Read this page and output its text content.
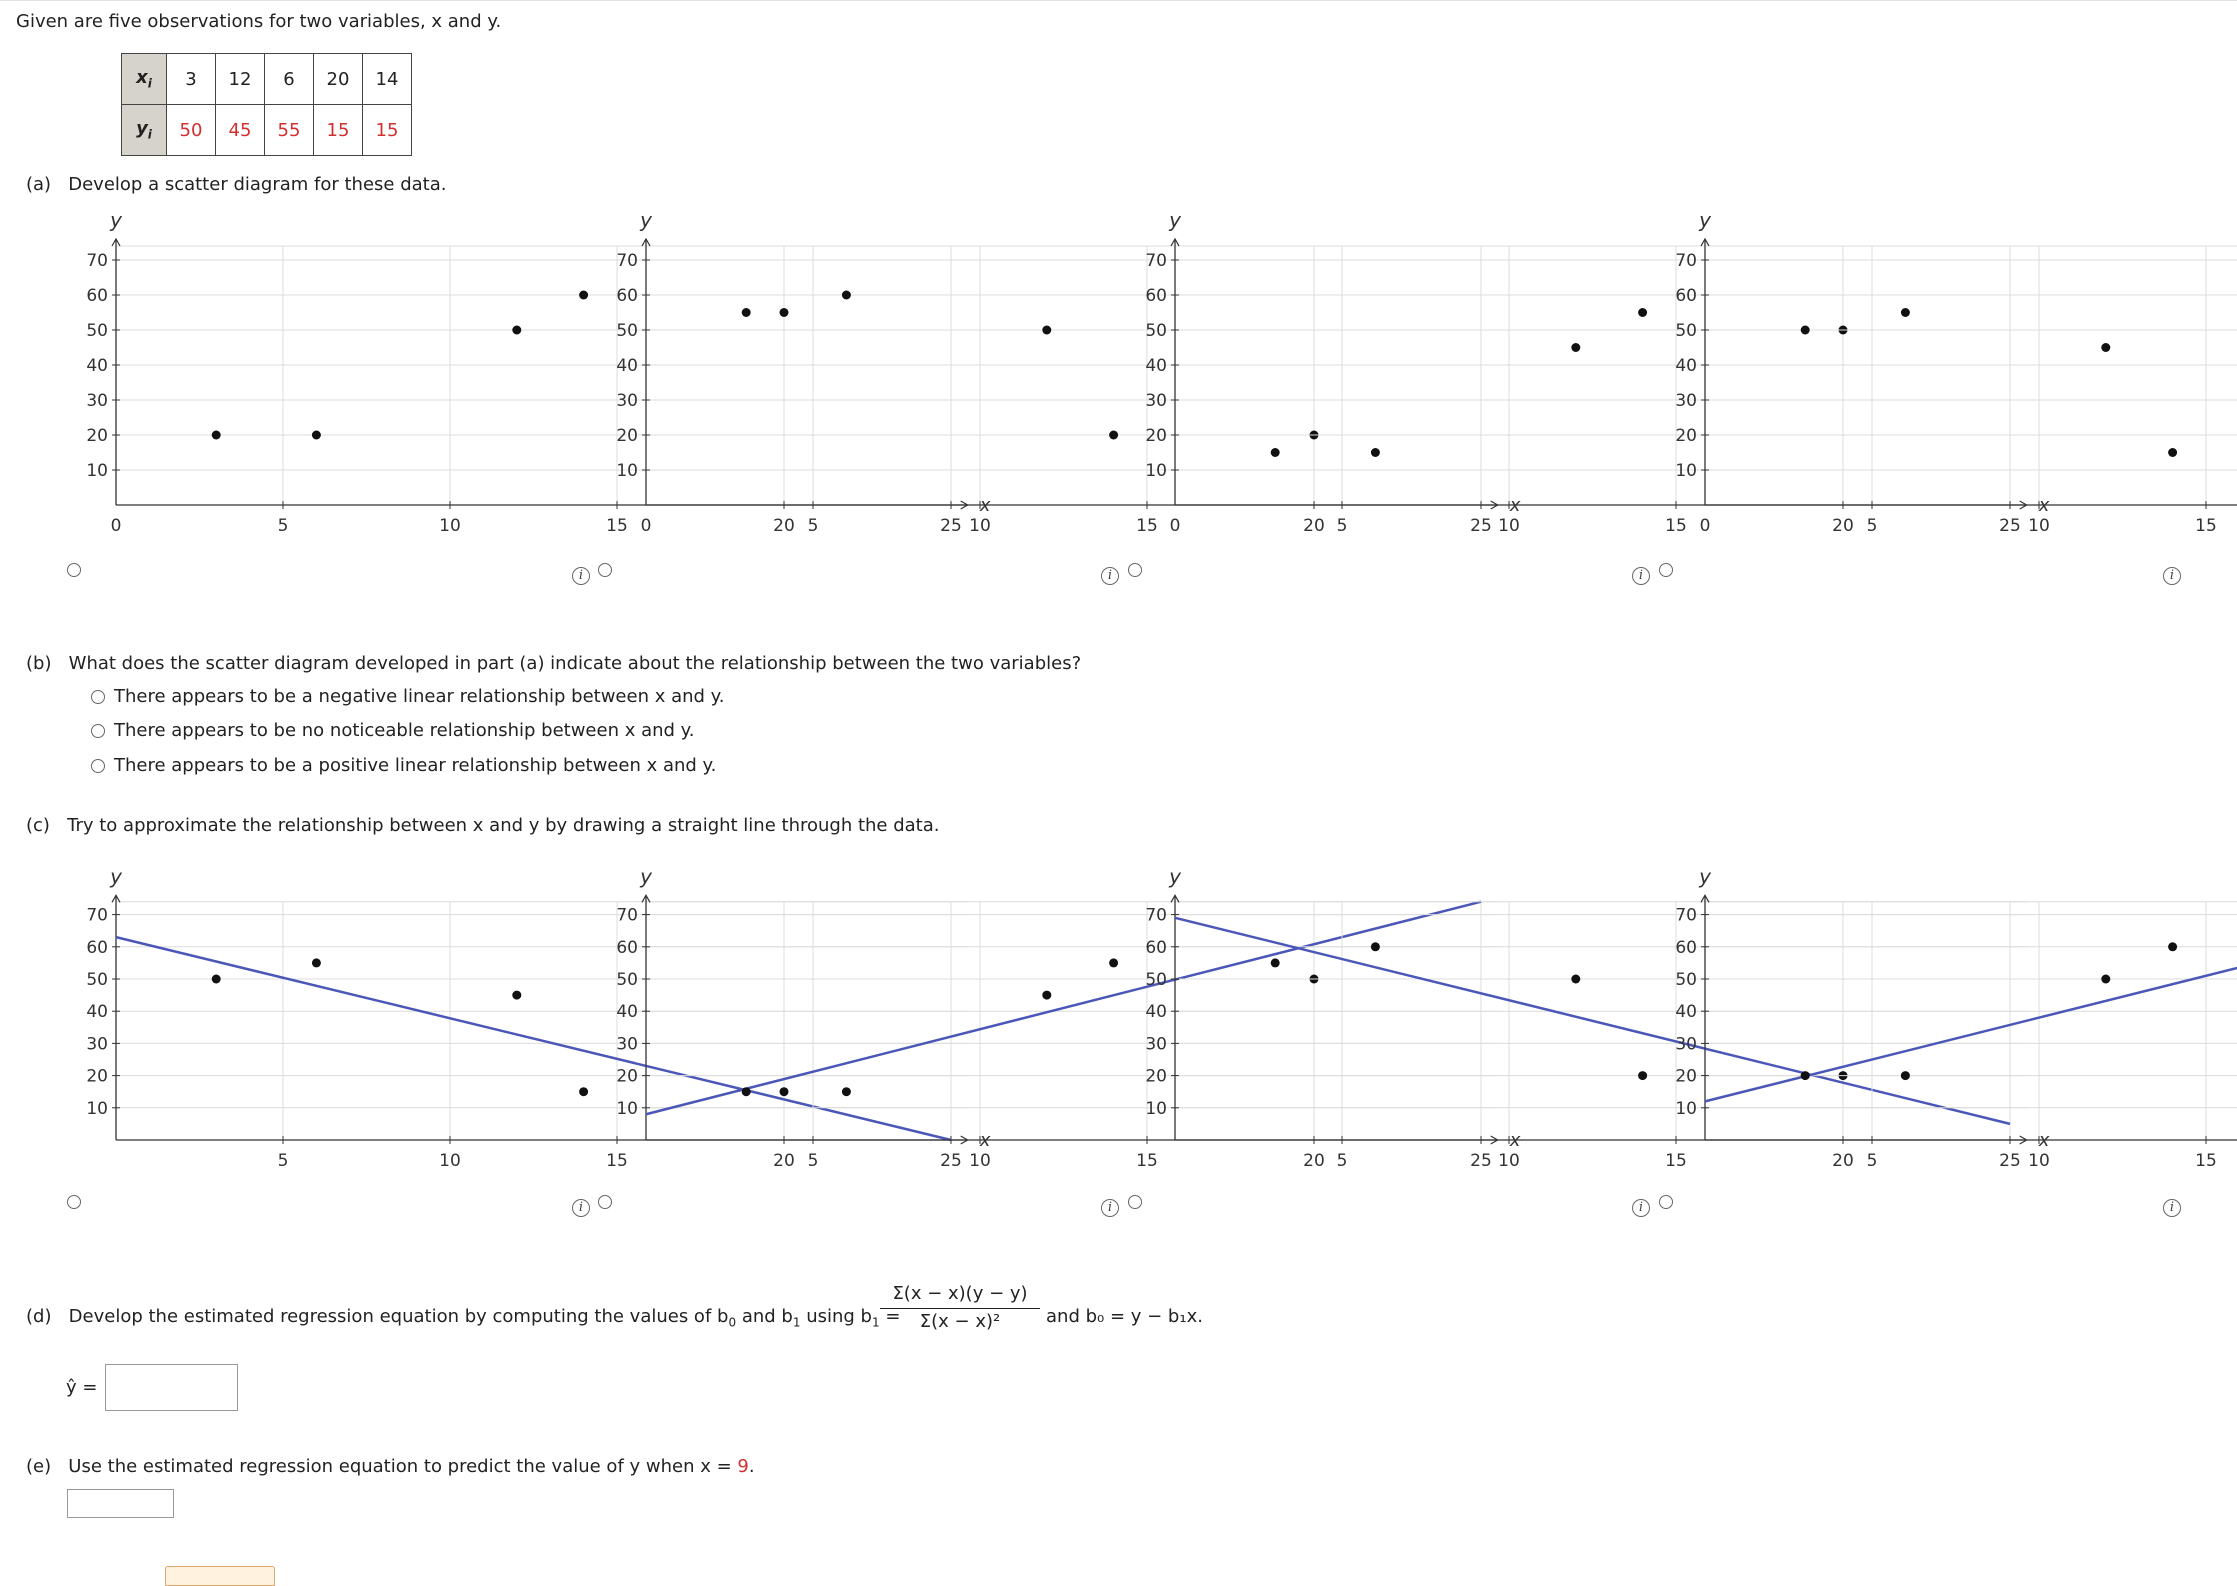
Given are five observations for two variables, x and y.
$x_i$	3	12	6	20	14
$y_i$	50	45	55	15	15
(a) Develop a scatter diagram for these data.
0	5	10	15	20	25
10
20
30
40
50
60
70
x
y
0	5	10	15	20	25
10
20
30
40
50
60
70
x
y
0	5	10	15	20	25
10
20
30
40
50
60
70
x
y
0	5	10	15
10
20
30
40
50
60
70
y
i	i	i	i
(b) What does the scatter diagram developed in part (a) indicate about the relationship between the two variables?
There appears to be a negative linear relationship between x and y.
There appears to be no noticeable relationship between x and y.
There appears to be a positive linear relationship between x and y.
(c) Try to approximate the relationship between x and y by drawing a straight line through the data.
5	10	15	20	25
10
20
30
40
50
60
70
x
y
5	10	15	20	25
10
20
30
40
50
60
70
x
y
5	10	15	20	25
10
20
30
40
50
60
70
x
y
5	10	15
10
20
30
40
50
60
70
y
i	i	i	i
(d) Develop the estimated regression equation by computing the values of $b_0$ and $b_1$ using $b_1$ =
$\frac{\Sigma(x - x)(y - y)}{\text{Σ(x − x)²}}$ and b₀ = y − b₁x.
ŷ =
(e) Use the estimated regression equation to predict the value of y when x = 9.
